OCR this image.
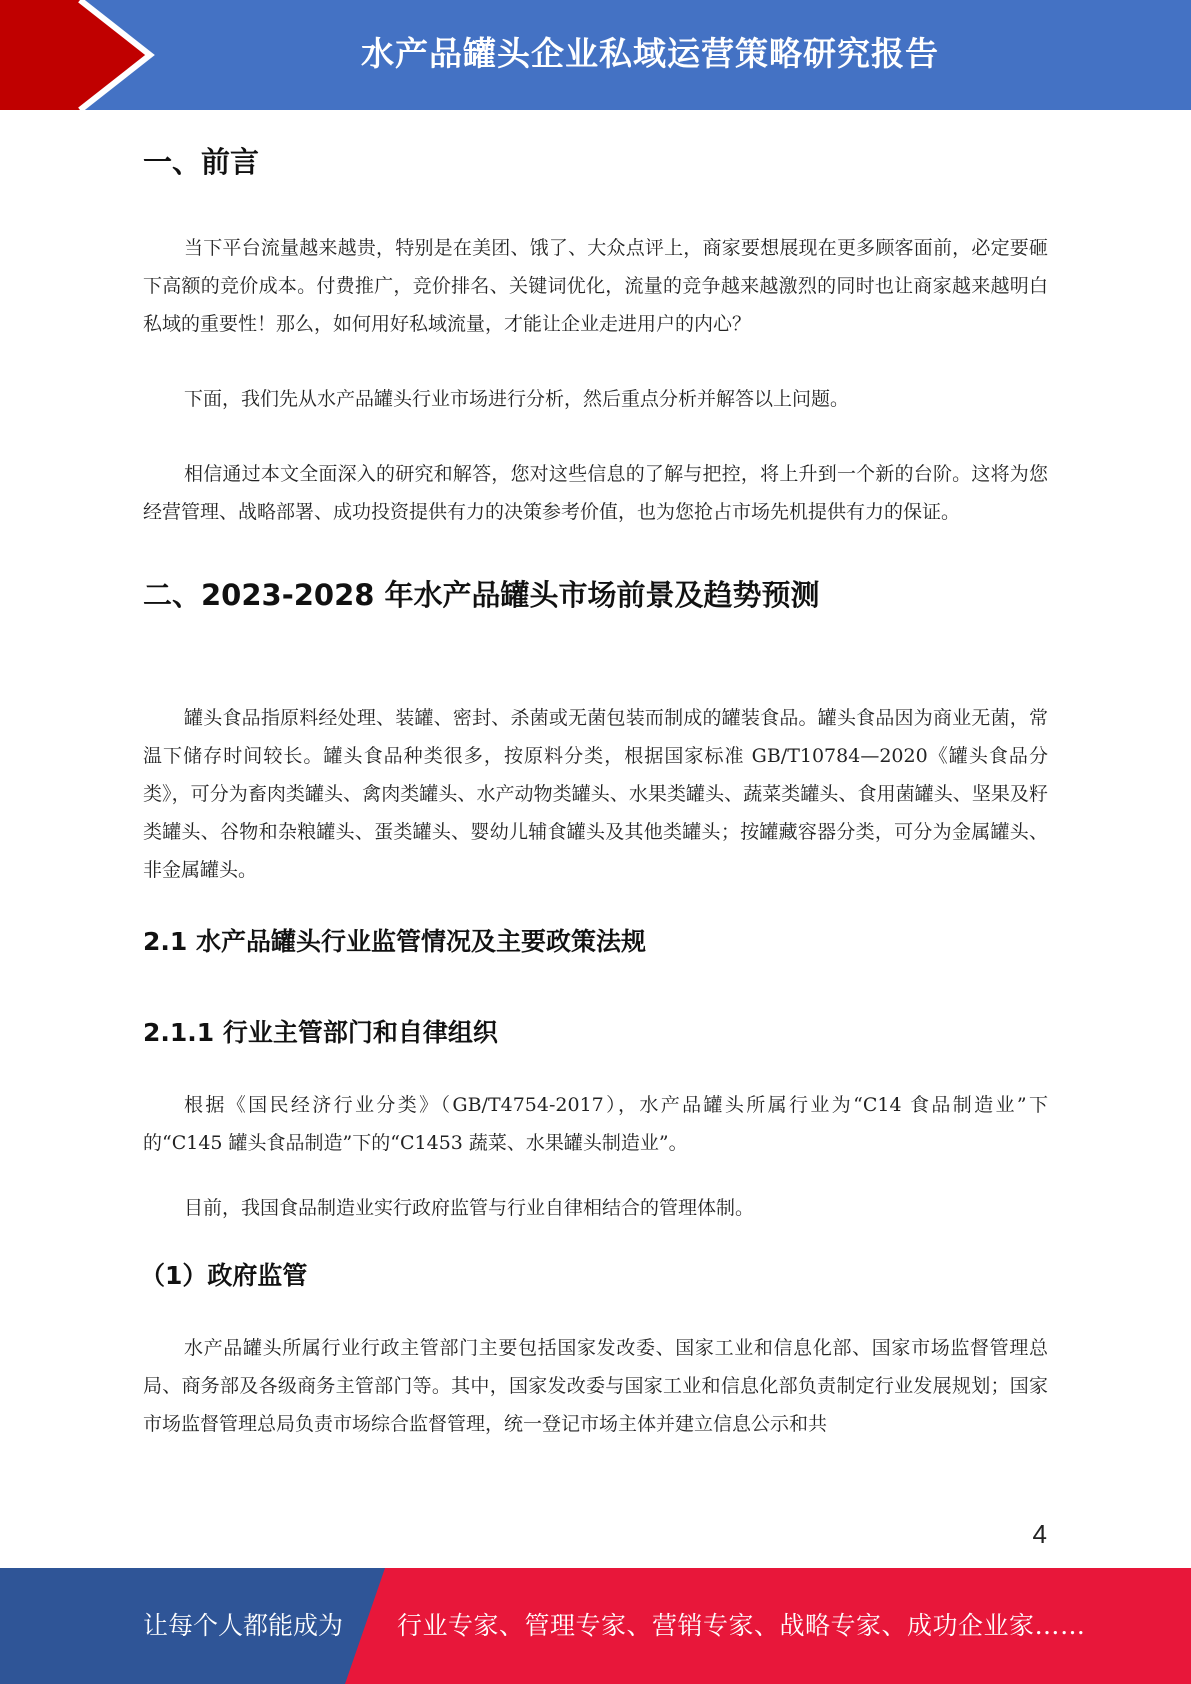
水产品罐头企业私域运营策略研究报告
一、前言

当下平台流量越来越贵，特别是在美团、饿了、大众点评上，商家要想展现在更多顾客面前，必定要砸下高额的竞价成本。付费推广，竞价排名、关键词优化，流量的竞争越来越激烈的同时也让商家越来越明白私域的重要性！那么，如何用好私域流量，才能让企业走进用户的内心？

下面，我们先从水产品罐头行业市场进行分析，然后重点分析并解答以上问题。

相信通过本文全面深入的研究和解答，您对这些信息的了解与把控，将上升到一个新的台阶。这将为您经营管理、战略部署、成功投资提供有力的决策参考价值，也为您抢占市场先机提供有力的保证。

二、2023-2028 年水产品罐头市场前景及趋势预测

罐头食品指原料经处理、装罐、密封、杀菌或无菌包装而制成的罐装食品。罐头食品因为商业无菌，常温下储存时间较长。罐头食品种类很多，按原料分类，根据国家标准 GB/T10784—2020《罐头食品分类》，可分为畜肉类罐头、禽肉类罐头、水产动物类罐头、水果类罐头、蔬菜类罐头、食用菌罐头、坚果及籽类罐头、谷物和杂粮罐头、蛋类罐头、婴幼儿辅食罐头及其他类罐头；按罐藏容器分类，可分为金属罐头、非金属罐头。

2.1 水产品罐头行业监管情况及主要政策法规
2.1.1 行业主管部门和自律组织

根据《国民经济行业分类》（GB/T4754-2017），水产品罐头所属行业为“C14 食品制造业”下的“C145 罐头食品制造”下的“C1453 蔬菜、水果罐头制造业”。

目前，我国食品制造业实行政府监管与行业自律相结合的管理体制。

（1）政府监管

水产品罐头所属行业行政主管部门主要包括国家发改委、国家工业和信息化部、国家市场监督管理总局、商务部及各级商务主管部门等。其中，国家发改委与国家工业和信息化部负责制定行业发展规划；国家市场监督管理总局负责市场综合监督管理，统一登记市场主体并建立信息公示和共

4
让每个人都能成为 行业专家、管理专家、营销专家、战略专家、成功企业家……
